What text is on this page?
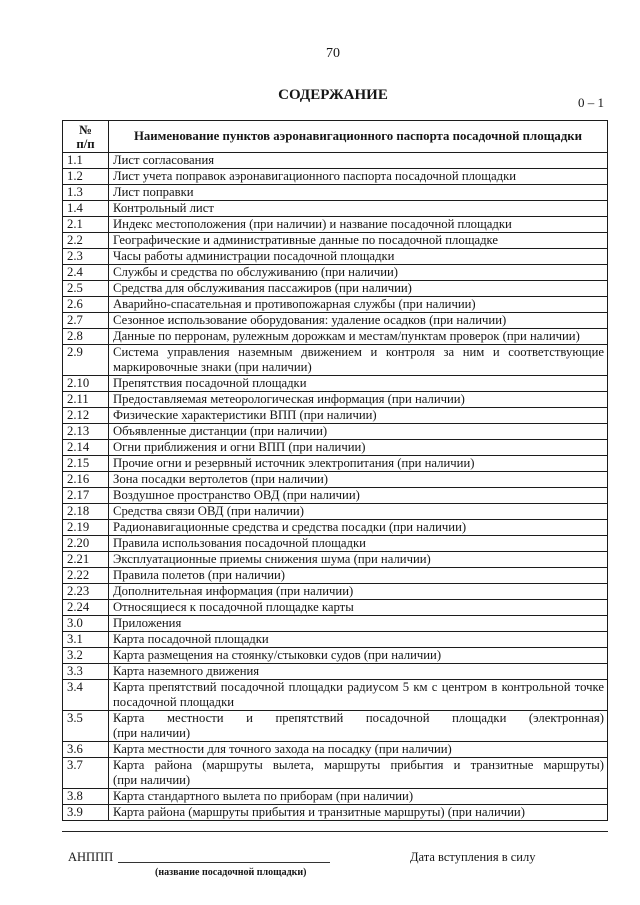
70
СОДЕРЖАНИЕ	0 – 1
№
п/п	Наименование пунктов аэронавигационного паспорта посадочной площадки
1.1	Лист согласования

1.2	Лист учета поправок аэронавигационного паспорта посадочной площадки

1.3	Лист поправки

1.4	Контрольный лист

2.1	Индекс местоположения (при наличии) и название посадочной площадки

2.2	Географические и административные данные по посадочной площадке

2.3	Часы работы администрации посадочной площадки

2.4	Службы и средства по обслуживанию (при наличии)

2.5	Средства для обслуживания пассажиров (при наличии)

2.6	Аварийно-спасательная и противопожарная службы (при наличии)

2.7	Сезонное использование оборудования: удаление осадков (при наличии)

2.8	Данные по перронам, рулежным дорожкам и местам/пунктам проверок (при наличии)

2.9	Система управления наземным движением и контроля за ним и соответствующие
маркировочные знаки (при наличии)

2.10	Препятствия посадочной площадки

2.11	Предоставляемая метеорологическая информация (при наличии)

2.12	Физические характеристики ВПП (при наличии)

2.13	Объявленные дистанции (при наличии)

2.14	Огни приближения и огни ВПП (при наличии)

2.15	Прочие огни и резервный источник электропитания (при наличии)

2.16	Зона посадки вертолетов (при наличии)

2.17	Воздушное пространство ОВД (при наличии)

2.18	Средства связи ОВД (при наличии)

2.19	Радионавигационные средства и средства посадки (при наличии)

2.20	Правила использования посадочной площадки

2.21	Эксплуатационные приемы снижения шума (при наличии)

2.22	Правила полетов (при наличии)

2.23	Дополнительная информация (при наличии)

2.24	Относящиеся к посадочной площадке карты

3.0	Приложения

3.1	Карта посадочной площадки

3.2	Карта размещения на стоянку/стыковки судов (при наличии)

3.3	Карта наземного движения

3.4	Карта препятствий посадочной площадки радиусом 5 км с центром в контрольной точке
посадочной площадки

3.5	Карта местности и препятствий посадочной площадки (электронная)
(при наличии)

3.6	Карта местности для точного захода на посадку (при наличии)

3.7	Карта района (маршруты вылета, маршруты прибытия и транзитные маршруты)
(при наличии)

3.8	Карта стандартного вылета по приборам (при наличии)

3.9	Карта района (маршруты прибытия и транзитные маршруты) (при наличии)
АНППП
(название посадочной площадки)
Дата вступления в силу
